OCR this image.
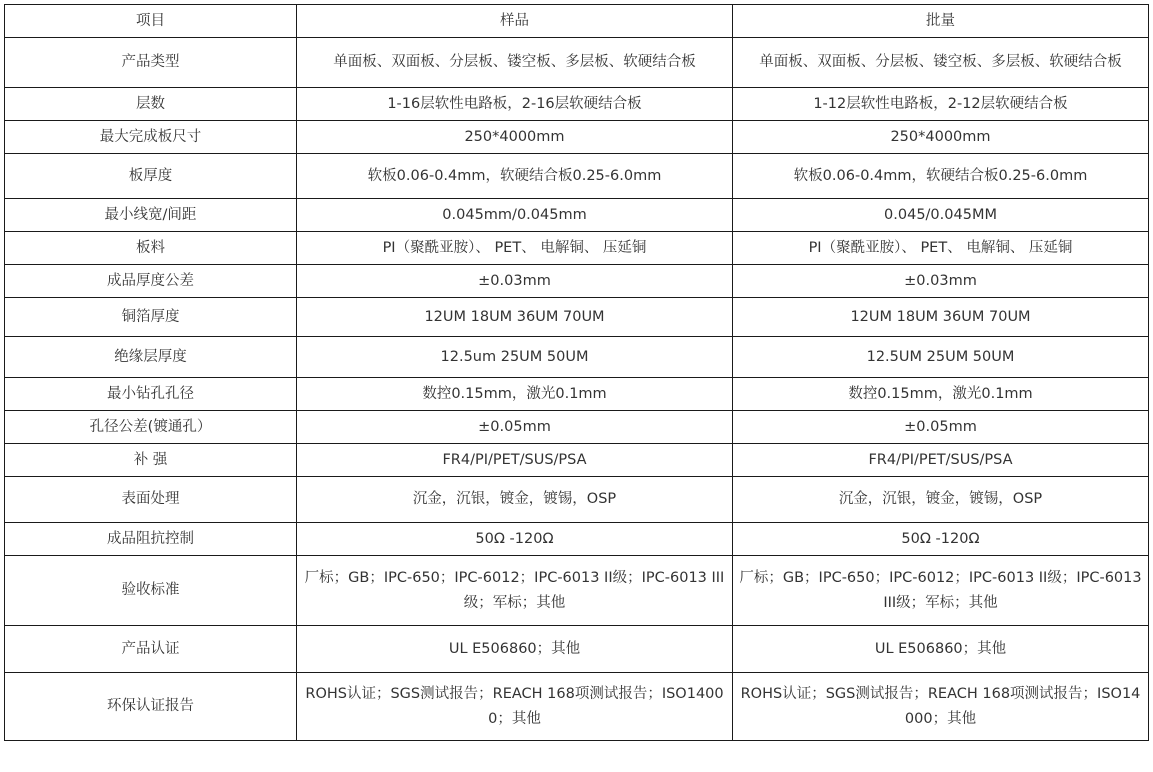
项目	样品	批量
产品类型	单面板、双面板、分层板、镂空板、多层板、软硬结合板	单面板、双面板、分层板、镂空板、多层板、软硬结合板
层数	1-16层软性电路板，2-16层软硬结合板	1-12层软性电路板，2-12层软硬结合板
最大完成板尺寸	250*4000mm	250*4000mm
板厚度	软板0.06-0.4mm，软硬结合板0.25-6.0mm	软板0.06-0.4mm，软硬结合板0.25-6.0mm
最小线宽/间距	0.045mm/0.045mm	0.045/0.045MM
板料	PI（聚酰亚胺）、 PET、 电解铜、 压延铜	PI（聚酰亚胺）、 PET、 电解铜、 压延铜
成品厚度公差	±0.03mm	±0.03mm
铜箔厚度	12UM 18UM 36UM 70UM	12UM 18UM 36UM 70UM
绝缘层厚度	12.5um 25UM 50UM	12.5UM 25UM 50UM
最小钻孔孔径	数控0.15mm，激光0.1mm	数控0.15mm，激光0.1mm
孔径公差(镀通孔）	±0.05mm	±0.05mm
补 强	FR4/PI/PET/SUS/PSA	FR4/PI/PET/SUS/PSA
表面处理	沉金，沉银，镀金，镀锡，OSP	沉金，沉银，镀金，镀锡，OSP
成品阻抗控制	50Ω -120Ω	50Ω -120Ω
验收标准	厂标；GB；IPC-650；IPC-6012；IPC-6013 II级；IPC-6013 III级；军标；其他	厂标；GB；IPC-650；IPC-6012；IPC-6013 II级；IPC-6013 III级；军标；其他
产品认证	UL E506860；其他	UL E506860；其他
环保认证报告	ROHS认证；SGS测试报告；REACH 168项测试报告；ISO14000；其他	ROHS认证；SGS测试报告；REACH 168项测试报告；ISO14000；其他
